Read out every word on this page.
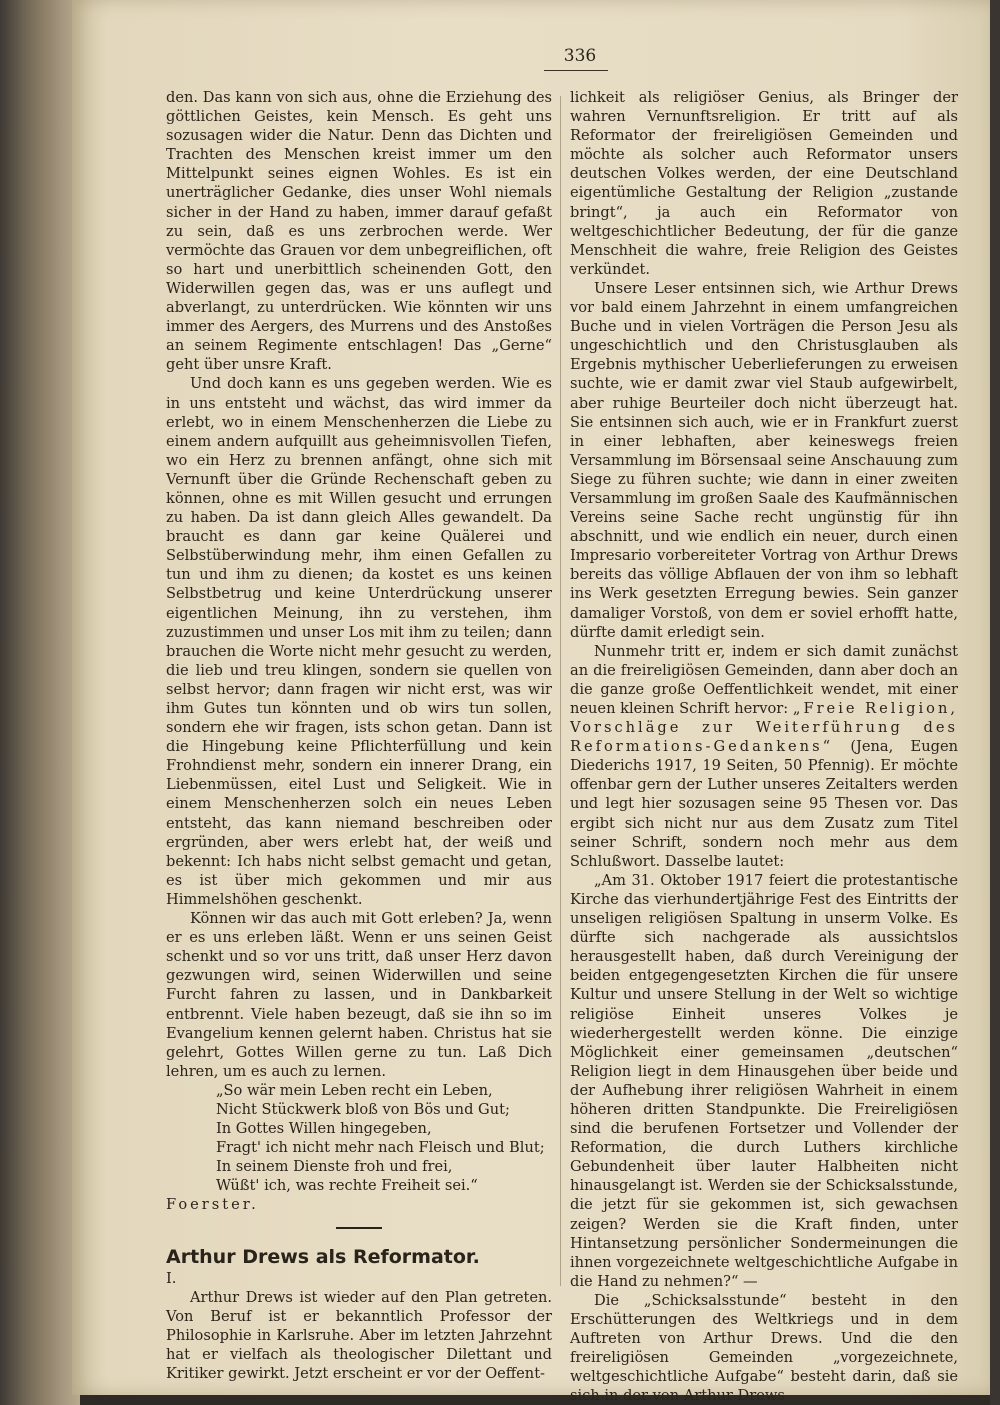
336

den. Das kann von sich aus, ohne die Erziehung des göttlichen Geistes, kein Mensch. Es geht uns sozusagen wider die Natur. Denn das Dichten und Trachten des Menschen kreist immer um den Mittelpunkt seines eignen Wohles. Es ist ein unerträglicher Gedanke, dies unser Wohl niemals sicher in der Hand zu haben, immer darauf gefaßt zu sein, daß es uns zerbrochen werde. Wer vermöchte das Grauen vor dem unbegreiflichen, oft so hart und unerbittlich scheinenden Gott, den Widerwillen gegen das, was er uns auflegt und abverlangt, zu unterdrücken. Wie könnten wir uns immer des Aergers, des Murrens und des Anstoßes an seinem Regimente entschlagen! Das „Gerne“ geht über unsre Kraft.

Und doch kann es uns gegeben werden. Wie es in uns entsteht und wächst, das wird immer da erlebt, wo in einem Menschenherzen die Liebe zu einem andern aufquillt aus geheimnisvollen Tiefen, wo ein Herz zu brennen anfängt, ohne sich mit Vernunft über die Gründe Rechenschaft geben zu können, ohne es mit Willen gesucht und errungen zu haben. Da ist dann gleich Alles gewandelt. Da braucht es dann gar keine Quälerei und Selbstüberwindung mehr, ihm einen Gefallen zu tun und ihm zu dienen; da kostet es uns keinen Selbstbetrug und keine Unterdrückung unserer eigentlichen Meinung, ihn zu verstehen, ihm zuzustimmen und unser Los mit ihm zu teilen; dann brauchen die Worte nicht mehr gesucht zu werden, die lieb und treu klingen, sondern sie quellen von selbst hervor; dann fragen wir nicht erst, was wir ihm Gutes tun könnten und ob wirs tun sollen, sondern ehe wir fragen, ists schon getan. Dann ist die Hingebung keine Pflichterfüllung und kein Frohndienst mehr, sondern ein innerer Drang, ein Liebenmüssen, eitel Lust und Seligkeit. Wie in einem Menschenherzen solch ein neues Leben entsteht, das kann niemand beschreiben oder ergründen, aber wers erlebt hat, der weiß und bekennt: Ich habs nicht selbst gemacht und getan, es ist über mich gekommen und mir aus Himmelshöhen geschenkt.

Können wir das auch mit Gott erleben? Ja, wenn er es uns erleben läßt. Wenn er uns seinen Geist schenkt und so vor uns tritt, daß unser Herz davon gezwungen wird, seinen Widerwillen und seine Furcht fahren zu lassen, und in Dankbarkeit entbrennt. Viele haben bezeugt, daß sie ihn so im Evangelium kennen gelernt haben. Christus hat sie gelehrt, Gottes Willen gerne zu tun. Laß Dich lehren, um es auch zu lernen.

„So wär mein Leben recht ein Leben,
Nicht Stückwerk bloß von Bös und Gut;
In Gottes Willen hingegeben,
Fragt' ich nicht mehr nach Fleisch und Blut;
In seinem Dienste froh und frei,
Wüßt' ich, was rechte Freiheit sei.“

Foerster.

Arthur Drews als Reformator.

I.

Arthur Drews ist wieder auf den Plan getreten. Von Beruf ist er bekanntlich Professor der Philosophie in Karlsruhe. Aber im letzten Jahrzehnt hat er vielfach als theologischer Dilettant und Kritiker gewirkt. Jetzt erscheint er vor der Oeffent-

lichkeit als religiöser Genius, als Bringer der wahren Vernunftsreligion. Er tritt auf als Reformator der freireligiösen Gemeinden und möchte als solcher auch Reformator unsers deutschen Volkes werden, der eine Deutschland eigentümliche Gestaltung der Religion „zustande bringt“, ja auch ein Reformator von weltgeschichtlicher Bedeutung, der für die ganze Menschheit die wahre, freie Religion des Geistes verkündet.

Unsere Leser entsinnen sich, wie Arthur Drews vor bald einem Jahrzehnt in einem umfangreichen Buche und in vielen Vorträgen die Person Jesu als ungeschichtlich und den Christusglauben als Ergebnis mythischer Ueberlieferungen zu erweisen suchte, wie er damit zwar viel Staub aufgewirbelt, aber ruhige Beurteiler doch nicht überzeugt hat. Sie entsinnen sich auch, wie er in Frankfurt zuerst in einer lebhaften, aber keineswegs freien Versammlung im Börsensaal seine Anschauung zum Siege zu führen suchte; wie dann in einer zweiten Versammlung im großen Saale des Kaufmännischen Vereins seine Sache recht ungünstig für ihn abschnitt, und wie endlich ein neuer, durch einen Impresario vorbereiteter Vortrag von Arthur Drews bereits das völlige Abflauen der von ihm so lebhaft ins Werk gesetzten Erregung bewies. Sein ganzer damaliger Vorstoß, von dem er soviel erhofft hatte, dürfte damit erledigt sein.

Nunmehr tritt er, indem er sich damit zunächst an die freireligiösen Gemeinden, dann aber doch an die ganze große Oeffentlichkeit wendet, mit einer neuen kleinen Schrift hervor: „Freie Religion, Vorschläge zur Weiterführung des Reformations-Gedankens“ (Jena, Eugen Diederichs 1917, 19 Seiten, 50 Pfennig). Er möchte offenbar gern der Luther unseres Zeitalters werden und legt hier sozusagen seine 95 Thesen vor. Das ergibt sich nicht nur aus dem Zusatz zum Titel seiner Schrift, sondern noch mehr aus dem Schlußwort. Dasselbe lautet:

„Am 31. Oktober 1917 feiert die protestantische Kirche das vierhundertjährige Fest des Eintritts der unseligen religiösen Spaltung in unserm Volke. Es dürfte sich nachgerade als aussichtslos herausgestellt haben, daß durch Vereinigung der beiden entgegengesetzten Kirchen die für unsere Kultur und unsere Stellung in der Welt so wichtige religiöse Einheit unseres Volkes je wiederhergestellt werden könne. Die einzige Möglichkeit einer gemeinsamen „deutschen“ Religion liegt in dem Hinausgehen über beide und der Aufhebung ihrer religiösen Wahrheit in einem höheren dritten Standpunkte. Die Freireligiösen sind die berufenen Fortsetzer und Vollender der Reformation, die durch Luthers kirchliche Gebundenheit über lauter Halbheiten nicht hinausgelangt ist. Werden sie der Schicksalsstunde, die jetzt für sie gekommen ist, sich gewachsen zeigen? Werden sie die Kraft finden, unter Hintansetzung persönlicher Sondermeinungen die ihnen vorgezeichnete weltgeschichtliche Aufgabe in die Hand zu nehmen?“ —

Die „Schicksalsstunde“ besteht in den Erschütterungen des Weltkriegs und in dem Auftreten von Arthur Drews. Und die den freireligiösen Gemeinden „vorgezeichnete, weltgeschichtliche Aufgabe“ besteht darin, daß sie sich in der von Arthur Drews
